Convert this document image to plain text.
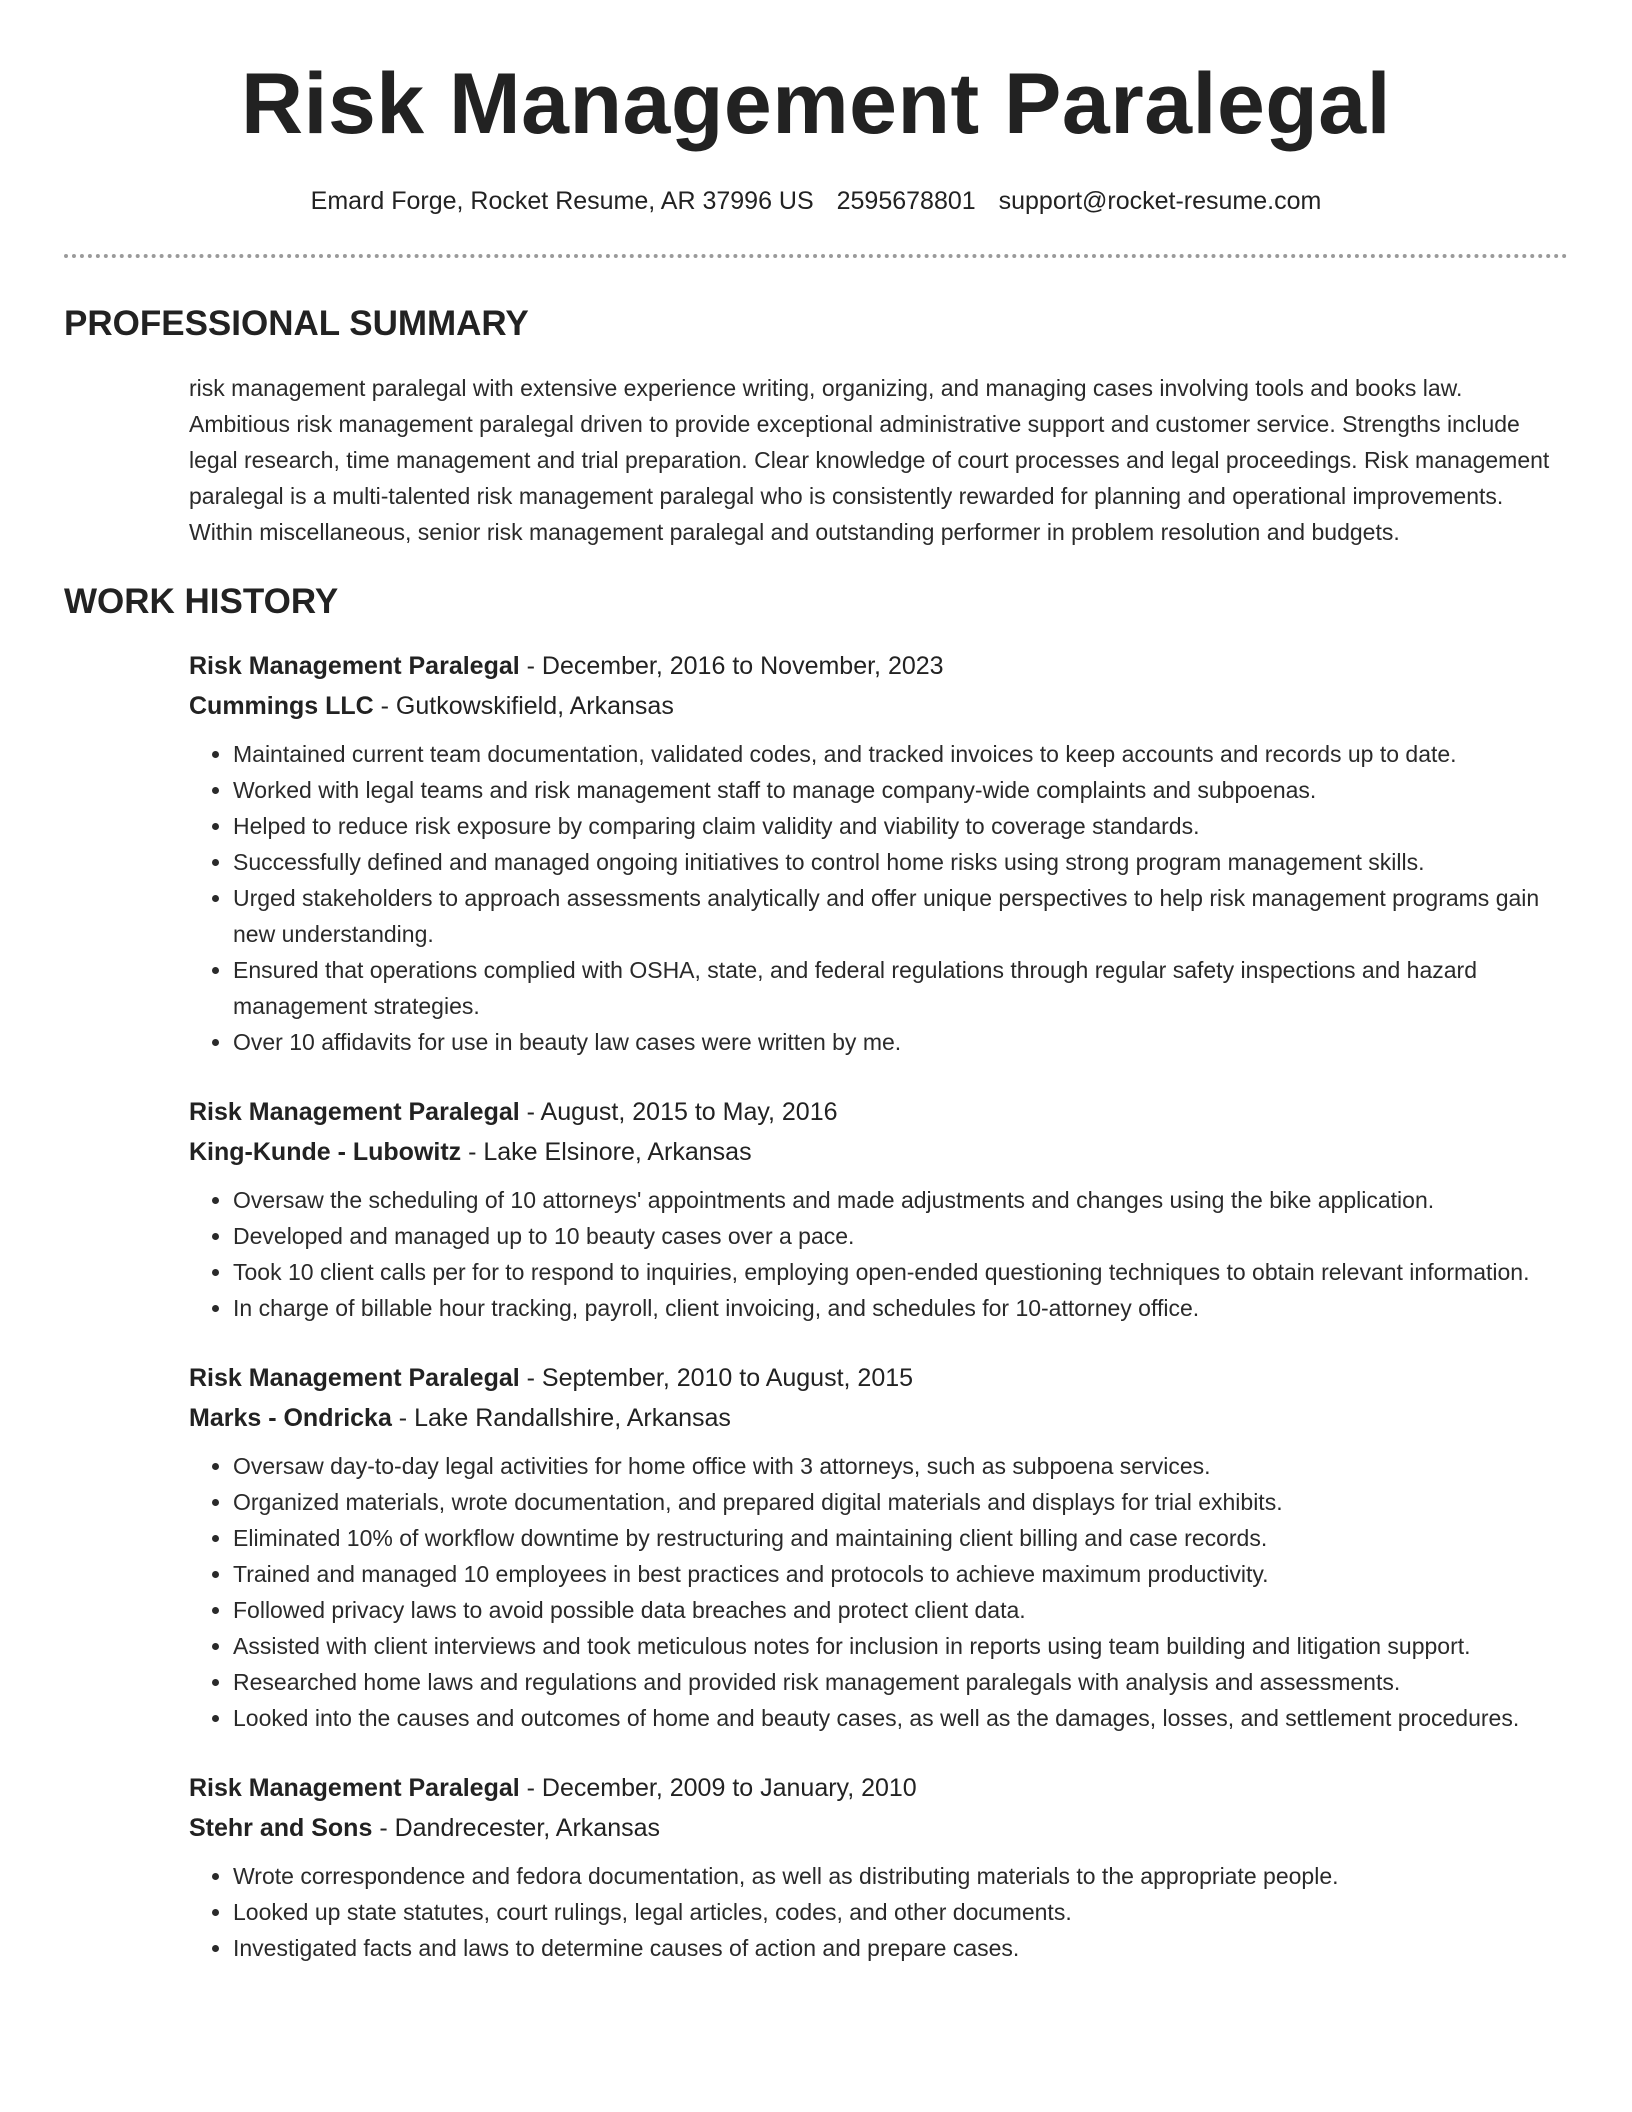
Risk Management Paralegal
Emard Forge, Rocket Resume, AR 37996 US 2595678801 support@rocket-resume.com
PROFESSIONAL SUMMARY

risk management paralegal with extensive experience writing, organizing, and managing cases involving tools and books law. Ambitious risk management paralegal driven to provide exceptional administrative support and customer service. Strengths include legal research, time management and trial preparation. Clear knowledge of court processes and legal proceedings. Risk management paralegal is a multi-talented risk management paralegal who is consistently rewarded for planning and operational improvements. Within miscellaneous, senior risk management paralegal and outstanding performer in problem resolution and budgets.

WORK HISTORY
Risk Management Paralegal - December, 2016 to November, 2023
Cummings LLC - Gutkowskifield, Arkansas
• Maintained current team documentation, validated codes, and tracked invoices to keep accounts and records up to date.
• Worked with legal teams and risk management staff to manage company-wide complaints and subpoenas.
• Helped to reduce risk exposure by comparing claim validity and viability to coverage standards.
• Successfully defined and managed ongoing initiatives to control home risks using strong program management skills.
• Urged stakeholders to approach assessments analytically and offer unique perspectives to help risk management programs gain new understanding.
• Ensured that operations complied with OSHA, state, and federal regulations through regular safety inspections and hazard management strategies.
• Over 10 affidavits for use in beauty law cases were written by me.
Risk Management Paralegal - August, 2015 to May, 2016
King-Kunde - Lubowitz - Lake Elsinore, Arkansas
• Oversaw the scheduling of 10 attorneys' appointments and made adjustments and changes using the bike application.
• Developed and managed up to 10 beauty cases over a pace.
• Took 10 client calls per for to respond to inquiries, employing open-ended questioning techniques to obtain relevant information.
• In charge of billable hour tracking, payroll, client invoicing, and schedules for 10-attorney office.
Risk Management Paralegal - September, 2010 to August, 2015
Marks - Ondricka - Lake Randallshire, Arkansas
• Oversaw day-to-day legal activities for home office with 3 attorneys, such as subpoena services.
• Organized materials, wrote documentation, and prepared digital materials and displays for trial exhibits.
• Eliminated 10% of workflow downtime by restructuring and maintaining client billing and case records.
• Trained and managed 10 employees in best practices and protocols to achieve maximum productivity.
• Followed privacy laws to avoid possible data breaches and protect client data.
• Assisted with client interviews and took meticulous notes for inclusion in reports using team building and litigation support.
• Researched home laws and regulations and provided risk management paralegals with analysis and assessments.
• Looked into the causes and outcomes of home and beauty cases, as well as the damages, losses, and settlement procedures.
Risk Management Paralegal - December, 2009 to January, 2010
Stehr and Sons - Dandrecester, Arkansas
• Wrote correspondence and fedora documentation, as well as distributing materials to the appropriate people.
• Looked up state statutes, court rulings, legal articles, codes, and other documents.
• Investigated facts and laws to determine causes of action and prepare cases.
